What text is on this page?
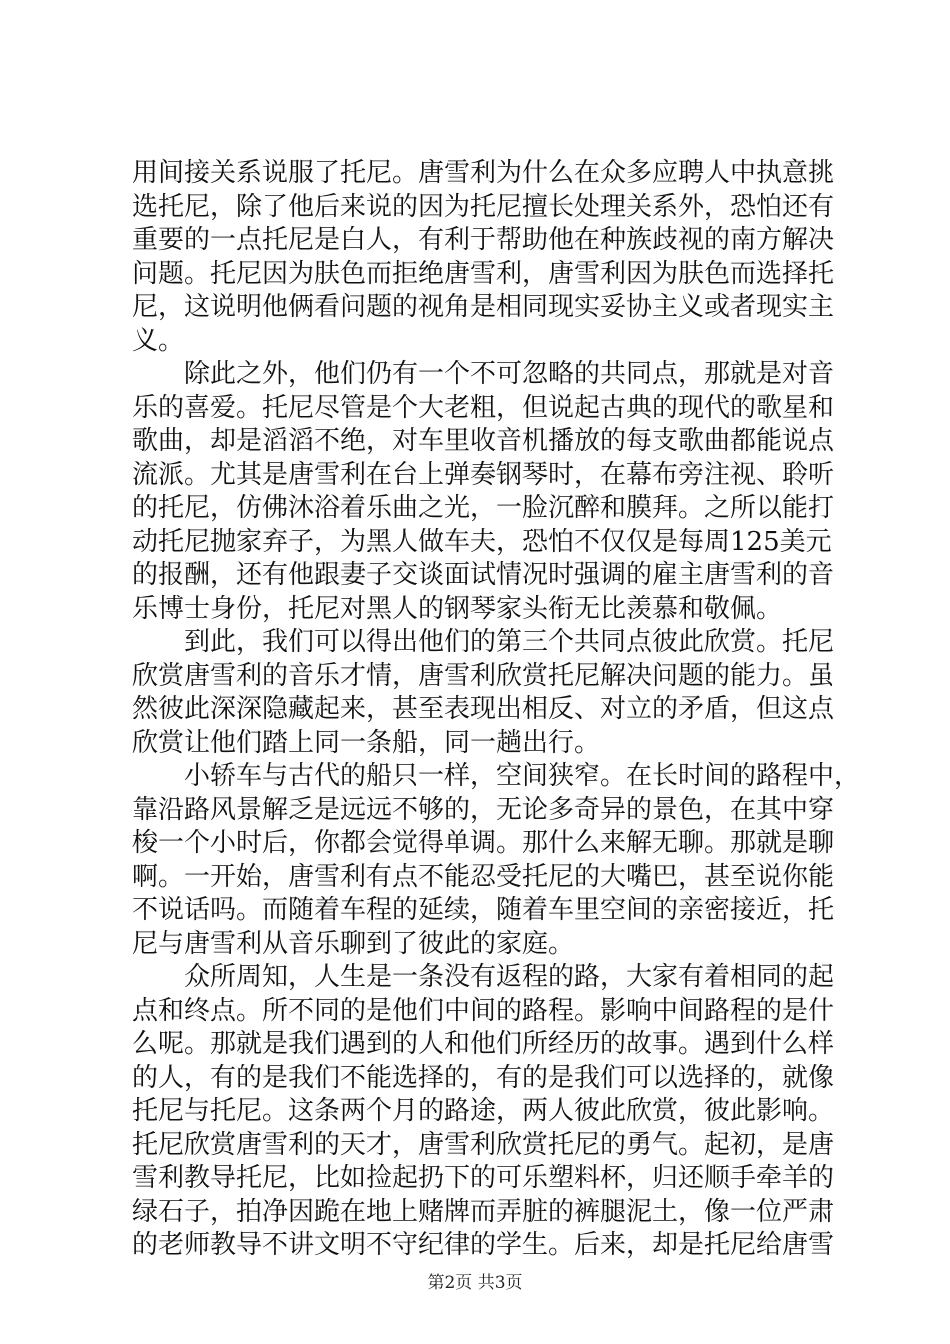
用间接关系说服了托尼。唐雪利为什么在众多应聘人中执意挑
选托尼，除了他后来说的因为托尼擅长处理关系外，恐怕还有
重要的一点托尼是白人，有利于帮助他在种族歧视的南方解决
问题。托尼因为肤色而拒绝唐雪利，唐雪利因为肤色而选择托
尼，这说明他俩看问题的视角是相同现实妥协主义或者现实主
义。
　　除此之外，他们仍有一个不可忽略的共同点，那就是对音
乐的喜爱。托尼尽管是个大老粗，但说起古典的现代的歌星和
歌曲，却是滔滔不绝，对车里收音机播放的每支歌曲都能说点
流派。尤其是唐雪利在台上弹奏钢琴时，在幕布旁注视、聆听
的托尼，仿佛沐浴着乐曲之光，一脸沉醉和膜拜。之所以能打
动托尼抛家弃子，为黑人做车夫，恐怕不仅仅是每周125美元
的报酬，还有他跟妻子交谈面试情况时强调的雇主唐雪利的音
乐博士身份，托尼对黑人的钢琴家头衔无比羡慕和敬佩。
　　到此，我们可以得出他们的第三个共同点彼此欣赏。托尼
欣赏唐雪利的音乐才情，唐雪利欣赏托尼解决问题的能力。虽
然彼此深深隐藏起来，甚至表现出相反、对立的矛盾，但这点
欣赏让他们踏上同一条船，同一趟出行。
　　小轿车与古代的船只一样，空间狭窄。在长时间的路程中，
靠沿路风景解乏是远远不够的，无论多奇异的景色，在其中穿
梭一个小时后，你都会觉得单调。那什么来解无聊。那就是聊
啊。一开始，唐雪利有点不能忍受托尼的大嘴巴，甚至说你能
不说话吗。而随着车程的延续，随着车里空间的亲密接近，托
尼与唐雪利从音乐聊到了彼此的家庭。
　　众所周知，人生是一条没有返程的路，大家有着相同的起
点和终点。所不同的是他们中间的路程。影响中间路程的是什
么呢。那就是我们遇到的人和他们所经历的故事。遇到什么样
的人，有的是我们不能选择的，有的是我们可以选择的，就像
托尼与托尼。这条两个月的路途，两人彼此欣赏，彼此影响。
托尼欣赏唐雪利的天才，唐雪利欣赏托尼的勇气。起初，是唐
雪利教导托尼，比如捡起扔下的可乐塑料杯，归还顺手牵羊的
绿石子，拍净因跪在地上赌牌而弄脏的裤腿泥土，像一位严肃
的老师教导不讲文明不守纪律的学生。后来，却是托尼给唐雪
第2页 共3页
